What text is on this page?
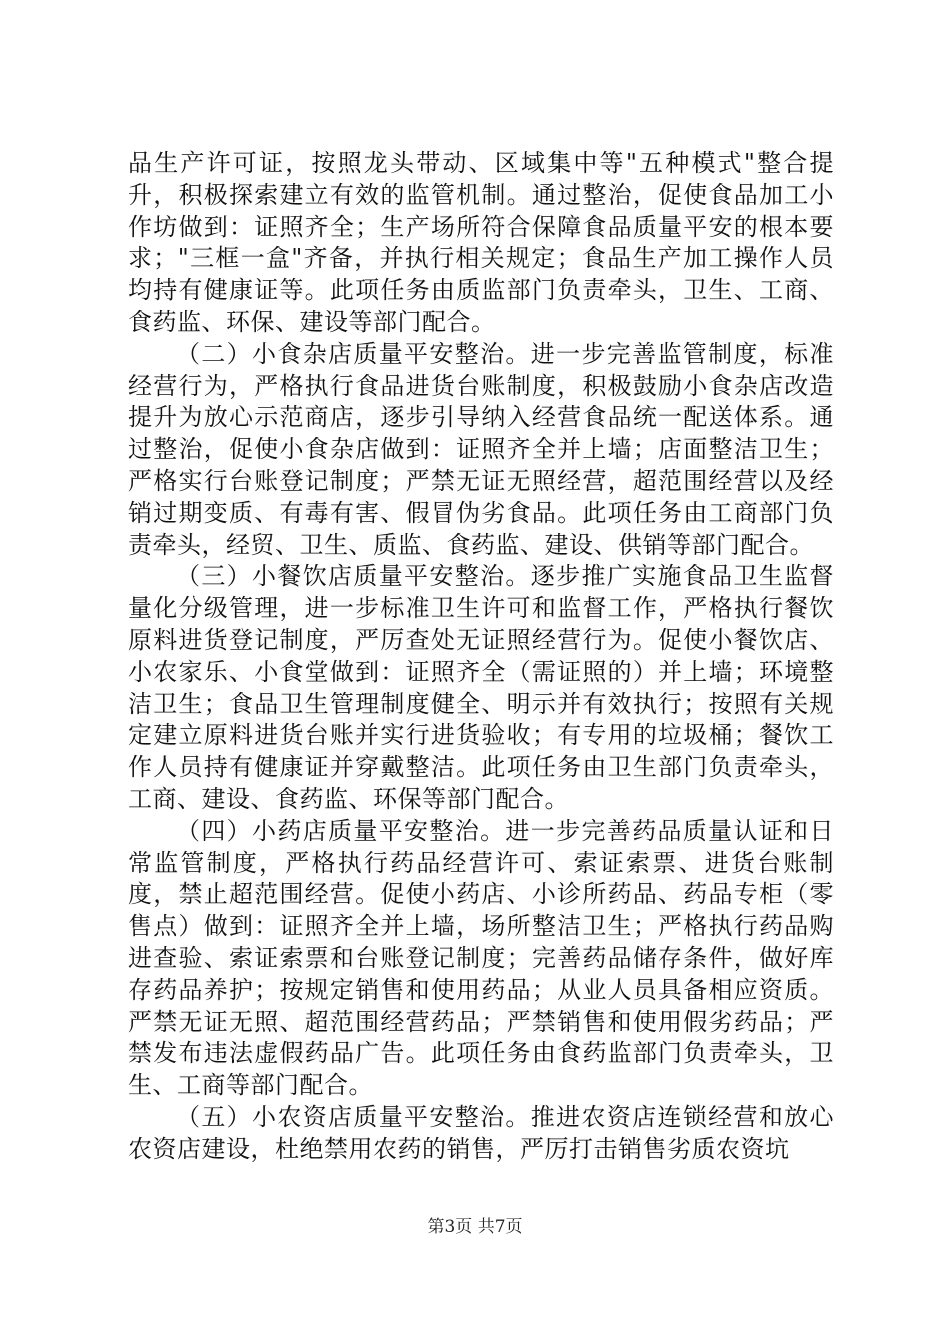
品生产许可证，按照龙头带动、区域集中等"五种模式"整合提升，积极探索建立有效的监管机制。通过整治，促使食品加工小作坊做到：证照齐全；生产场所符合保障食品质量平安的根本要求；"三框一盒"齐备，并执行相关规定；食品生产加工操作人员均持有健康证等。此项任务由质监部门负责牵头，卫生、工商、食药监、环保、建设等部门配合。

（二）小食杂店质量平安整治。进一步完善监管制度，标准经营行为，严格执行食品进货台账制度，积极鼓励小食杂店改造提升为放心示范商店，逐步引导纳入经营食品统一配送体系。通过整治，促使小食杂店做到：证照齐全并上墙；店面整洁卫生；严格实行台账登记制度；严禁无证无照经营，超范围经营以及经销过期变质、有毒有害、假冒伪劣食品。此项任务由工商部门负责牵头，经贸、卫生、质监、食药监、建设、供销等部门配合。

（三）小餐饮店质量平安整治。逐步推广实施食品卫生监督量化分级管理，进一步标准卫生许可和监督工作，严格执行餐饮原料进货登记制度，严厉查处无证照经营行为。促使小餐饮店、小农家乐、小食堂做到：证照齐全（需证照的）并上墙；环境整洁卫生；食品卫生管理制度健全、明示并有效执行；按照有关规定建立原料进货台账并实行进货验收；有专用的垃圾桶；餐饮工作人员持有健康证并穿戴整洁。此项任务由卫生部门负责牵头，工商、建设、食药监、环保等部门配合。

（四）小药店质量平安整治。进一步完善药品质量认证和日常监管制度，严格执行药品经营许可、索证索票、进货台账制度，禁止超范围经营。促使小药店、小诊所药品、药品专柜（零售点）做到：证照齐全并上墙，场所整洁卫生；严格执行药品购进查验、索证索票和台账登记制度；完善药品储存条件，做好库存药品养护；按规定销售和使用药品；从业人员具备相应资质。严禁无证无照、超范围经营药品；严禁销售和使用假劣药品；严禁发布违法虚假药品广告。此项任务由食药监部门负责牵头，卫生、工商等部门配合。

（五）小农资店质量平安整治。推进农资店连锁经营和放心农资店建设，杜绝禁用农药的销售，严厉打击销售劣质农资坑

第3页 共7页
